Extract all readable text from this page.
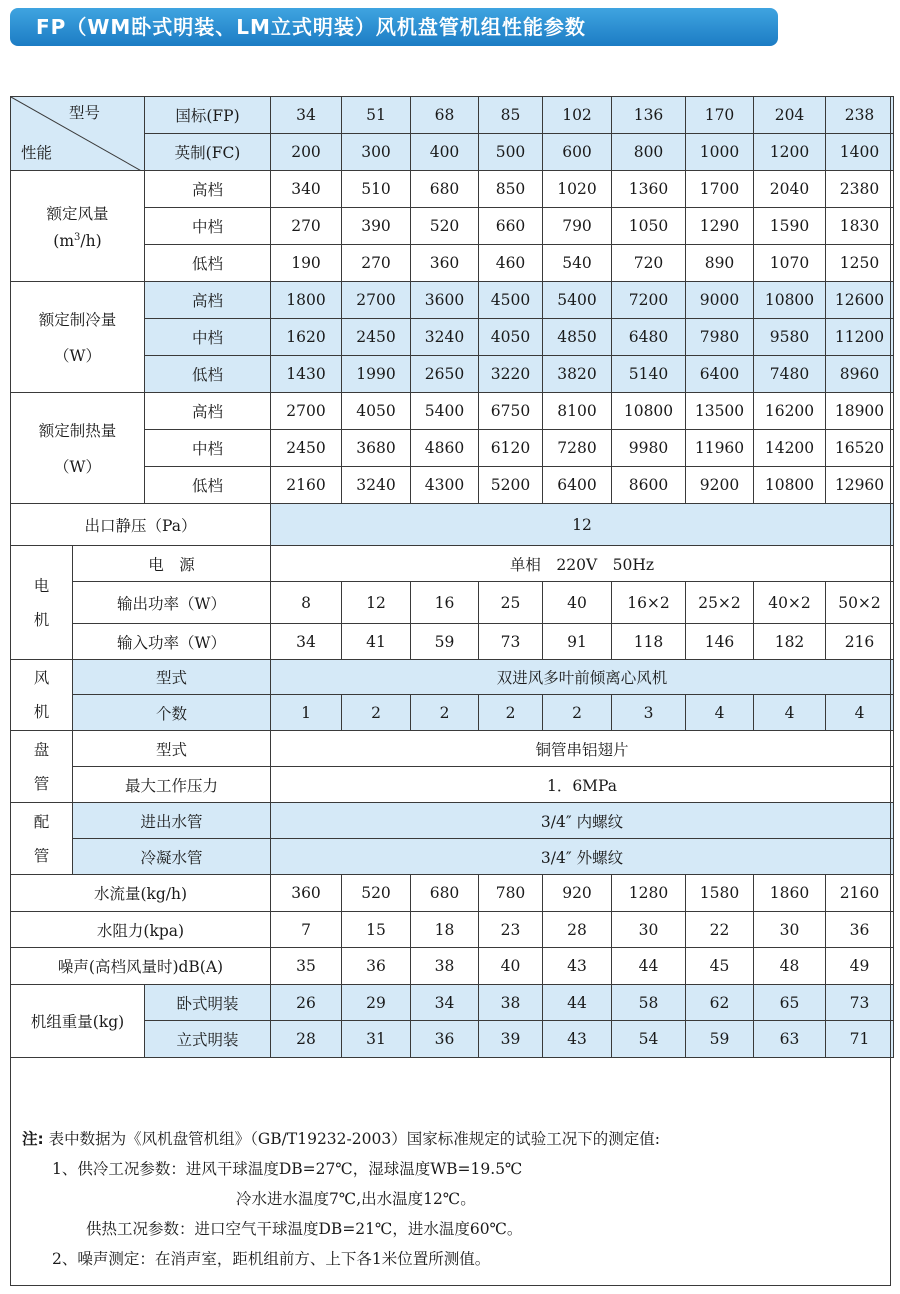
FP（WM卧式明装、LM立式明装）风机盘管机组性能参数
型号
性能		国标(FP)	34	51	68	85	102	136	170	204	238
		英制(FC)	200	300	400	500	600	800	1000	1200	1400

额定风量
$(m^3/h)$		高档	340	510	680	850	1020	1360	1700	2040	2380
		中档	270	390	520	660	790	1050	1290	1590	1830
		低档	190	270	360	460	540	720	890	1070	1250

额定制冷量
（W）		高档	1800	2700	3600	4500	5400	7200	9000	10800	12600
		中档	1620	2450	3240	4050	4850	6480	7980	9580	11200
		低档	1430	1990	2650	3220	3820	5140	6400	7480	8960

额定制热量
（W）		高档	2700	4050	5400	6750	8100	10800	13500	16200	18900
		中档	2450	3680	4860	6120	7280	9980	11960	14200	16520
		低档	2160	3240	4300	5200	6400	8600	9200	10800	12960
出口静压（Pa）			12								

电
机	电　源		单相　220V　50Hz								
	输出功率（W）		8	12	16	25	40	16×2	25×2	40×2	50×2
	输入功率（W）		34	41	59	73	91	118	146	182	216

风
机	型式		双进风多叶前倾离心风机								
	个数		1	2	2	2	2	3	4	4	4

盘
管	型式		铜管串铝翅片								
	最大工作压力		1．6MPa								

配
管	进出水管		3/4″ 内螺纹								
	冷凝水管		3/4″ 外螺纹								
水流量(kg/h)			360	520	680	780	920	1280	1580	1860	2160
水阻力(kpa)			7	15	18	23	28	30	22	30	36
噪声(高档风量时)dB(A)			35	36	38	40	43	44	45	48	49
机组重量(kg)		卧式明装	26	29	34	38	44	58	62	65	73
		立式明装	28	31	36	39	43	54	59	63	71
注: 表中数据为《风机盘管机组》（GB/T19232-2003）国家标准规定的试验工况下的测定值:
1、供冷工况参数：进风干球温度DB=27℃，湿球温度WB=19.5℃
冷水进水温度7℃,出水温度12℃。
供热工况参数：进口空气干球温度DB=21℃，进水温度60℃。
2、噪声测定：在消声室，距机组前方、上下各1米位置所测值。
